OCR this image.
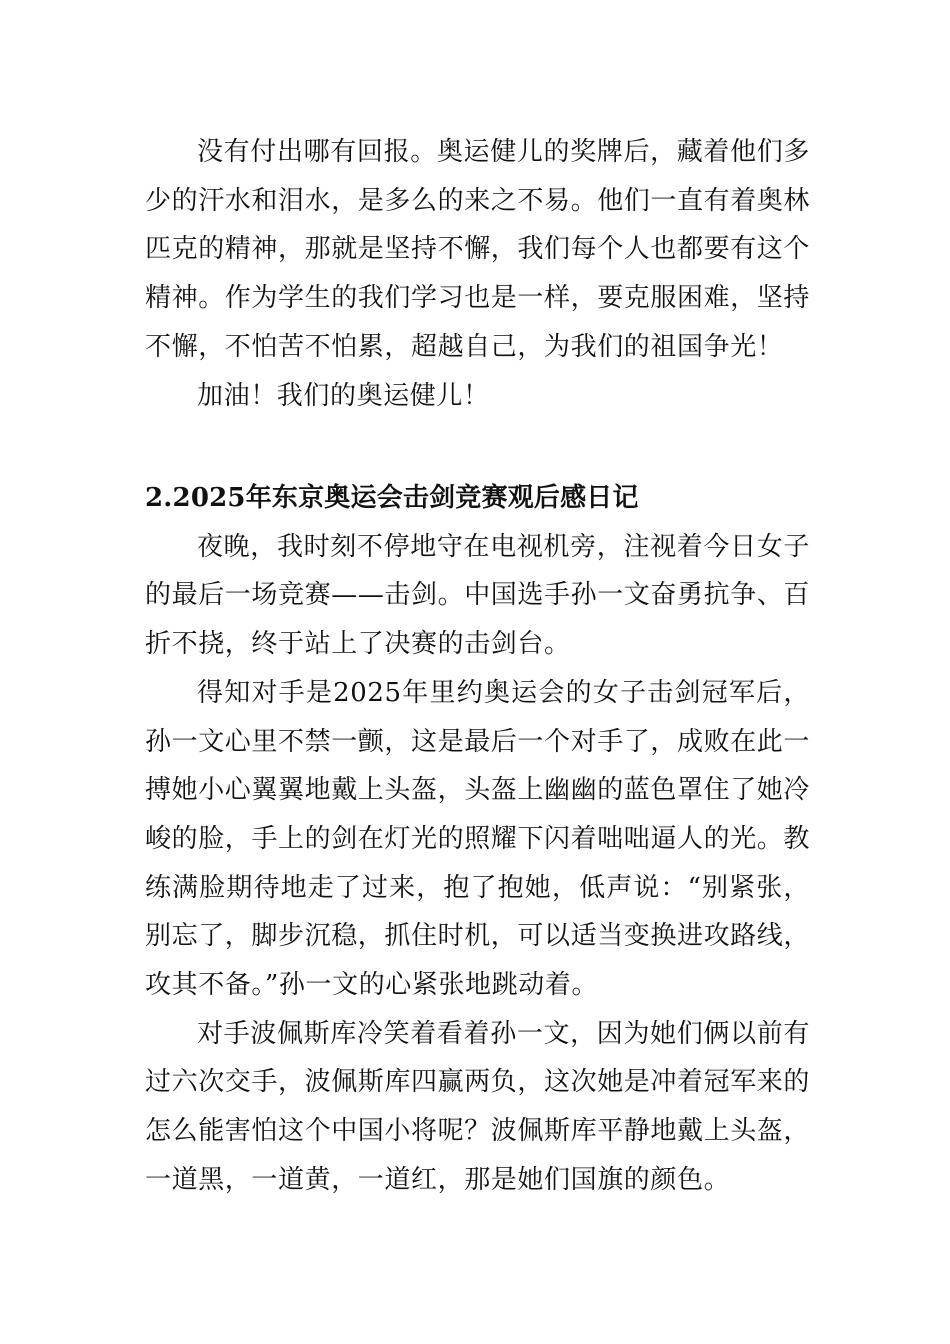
没有付出哪有回报。奥运健儿的奖牌后，藏着他们多少的汗水和泪水，是多么的来之不易。他们一直有着奥林匹克的精神，那就是坚持不懈，我们每个人也都要有这个精神。作为学生的我们学习也是一样，要克服困难，坚持不懈，不怕苦不怕累，超越自己，为我们的祖国争光！

加油！我们的奥运健儿！

2.2025年东京奥运会击剑竞赛观后感日记

夜晚，我时刻不停地守在电视机旁，注视着今日女子的最后一场竞赛——击剑。中国选手孙一文奋勇抗争、百折不挠，终于站上了决赛的击剑台。

得知对手是2025年里约奥运会的女子击剑冠军后，孙一文心里不禁一颤，这是最后一个对手了，成败在此一搏她小心翼翼地戴上头盔，头盔上幽幽的蓝色罩住了她冷峻的脸，手上的剑在灯光的照耀下闪着咄咄逼人的光。教练满脸期待地走了过来，抱了抱她，低声说：“别紧张，别忘了，脚步沉稳，抓住时机，可以适当变换进攻路线，攻其不备。”孙一文的心紧张地跳动着。

对手波佩斯库冷笑着看着孙一文，因为她们俩以前有过六次交手，波佩斯库四赢两负，这次她是冲着冠军来的怎么能害怕这个中国小将呢？波佩斯库平静地戴上头盔，一道黑，一道黄，一道红，那是她们国旗的颜色。
